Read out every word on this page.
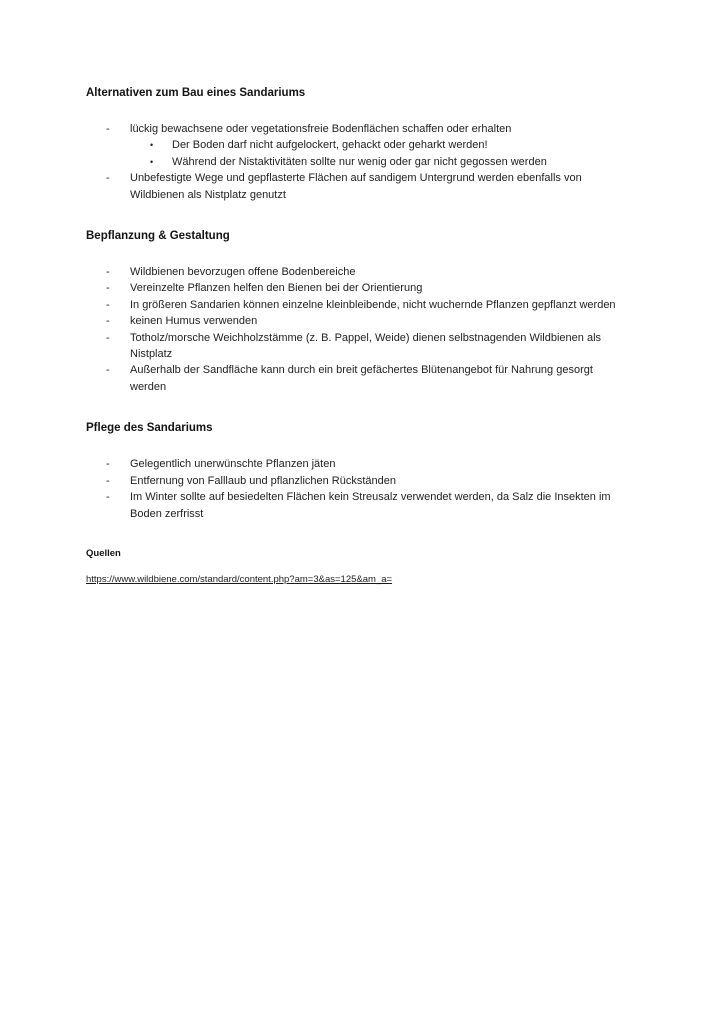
Alternativen zum Bau eines Sandariums
-	lückig bewachsene oder vegetationsfreie Bodenflächen schaffen oder erhalten
•	Der Boden darf nicht aufgelockert, gehackt oder geharkt werden!
•	Während der Nistaktivitäten sollte nur wenig oder gar nicht gegossen werden
-	Unbefestigte Wege und gepflasterte Flächen auf sandigem Untergrund werden ebenfalls von Wildbienen als Nistplatz genutzt
Bepflanzung & Gestaltung
-	Wildbienen bevorzugen offene Bodenbereiche
-	Vereinzelte Pflanzen helfen den Bienen bei der Orientierung
-	In größeren Sandarien können einzelne kleinbleibende, nicht wuchernde Pflanzen gepflanzt werden
-	keinen Humus verwenden
-	Totholz/morsche Weichholzstämme (z. B. Pappel, Weide) dienen selbstnagenden Wildbienen als Nistplatz
-	Außerhalb der Sandfläche kann durch ein breit gefächertes Blütenangebot für Nahrung gesorgt werden
Pflege des Sandariums
-	Gelegentlich unerwünschte Pflanzen jäten
-	Entfernung von Falllaub und pflanzlichen Rückständen
-	Im Winter sollte auf besiedelten Flächen kein Streusalz verwendet werden, da Salz die Insekten im Boden zerfrisst
Quellen
https://www.wildbiene.com/standard/content.php?am=3&as=125&am_a=
